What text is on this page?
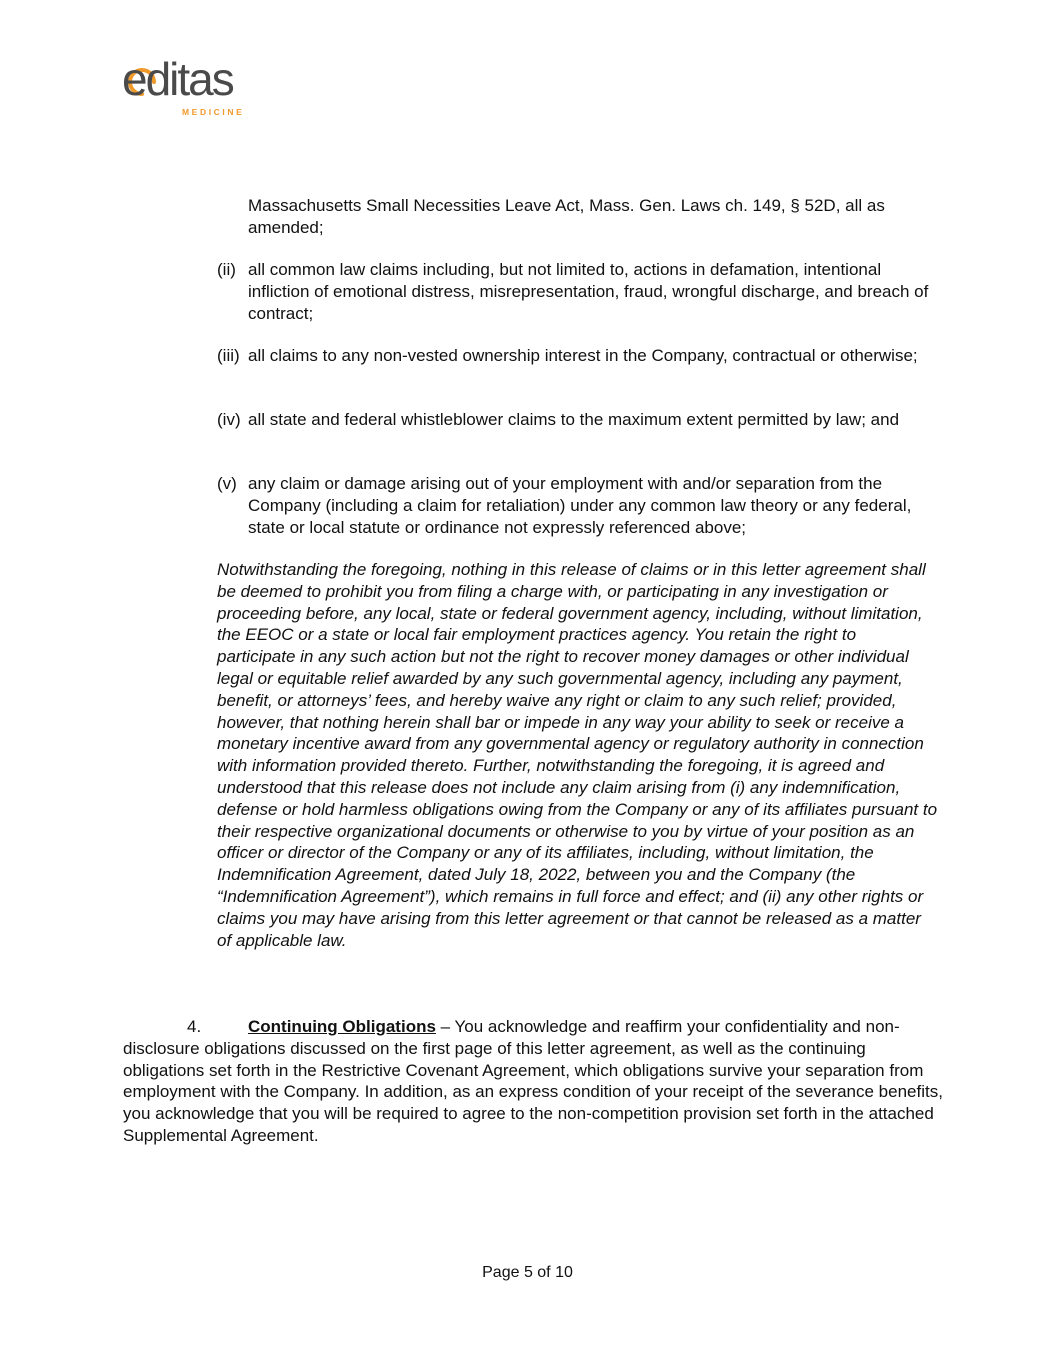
editas
MEDICINE
Massachusetts Small Necessities Leave Act, Mass. Gen. Laws ch. 149, § 52D, all as amended;
(ii) all common law claims including, but not limited to, actions in defamation, intentional infliction of emotional distress, misrepresentation, fraud, wrongful discharge, and breach of contract;
(iii) all claims to any non-vested ownership interest in the Company, contractual or otherwise;
(iv) all state and federal whistleblower claims to the maximum extent permitted by law; and
(v) any claim or damage arising out of your employment with and/or separation from the Company (including a claim for retaliation) under any common law theory or any federal, state or local statute or ordinance not expressly referenced above;
Notwithstanding the foregoing, nothing in this release of claims or in this letter agreement shall be deemed to prohibit you from filing a charge with, or participating in any investigation or proceeding before, any local, state or federal government agency, including, without limitation, the EEOC or a state or local fair employment practices agency. You retain the right to participate in any such action but not the right to recover money damages or other individual legal or equitable relief awarded by any such governmental agency, including any payment, benefit, or attorneys’ fees, and hereby waive any right or claim to any such relief; provided, however, that nothing herein shall bar or impede in any way your ability to seek or receive a monetary incentive award from any governmental agency or regulatory authority in connection with information provided thereto. Further, notwithstanding the foregoing, it is agreed and understood that this release does not include any claim arising from (i) any indemnification, defense or hold harmless obligations owing from the Company or any of its affiliates pursuant to their respective organizational documents or otherwise to you by virtue of your position as an officer or director of the Company or any of its affiliates, including, without limitation, the Indemnification Agreement, dated July 18, 2022, between you and the Company (the “Indemnification Agreement”), which remains in full force and effect; and (ii) any other rights or claims you may have arising from this letter agreement or that cannot be released as a matter of applicable law.
4.	Continuing Obligations – You acknowledge and reaffirm your confidentiality and non-disclosure obligations discussed on the first page of this letter agreement, as well as the continuing obligations set forth in the Restrictive Covenant Agreement, which obligations survive your separation from employment with the Company. In addition, as an express condition of your receipt of the severance benefits, you acknowledge that you will be required to agree to the non-competition provision set forth in the attached Supplemental Agreement.
Page 5 of 10
